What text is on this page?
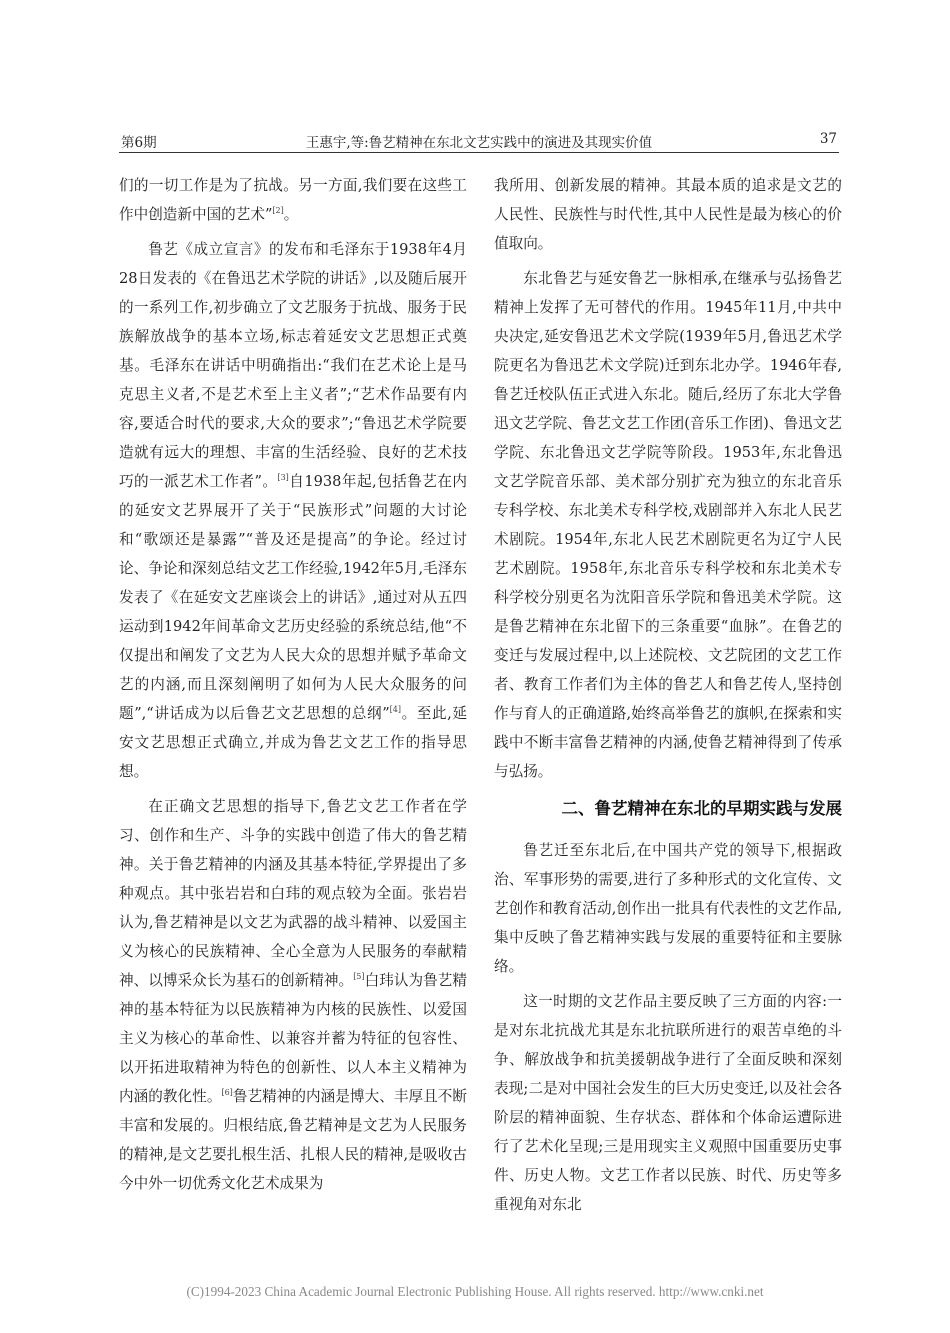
第6期	王惠宇,等:鲁艺精神在东北文艺实践中的演进及其现实价值	37

们的一切工作是为了抗战。另一方面,我们要在这些工作中创造新中国的艺术”[2]。

鲁艺《成立宣言》的发布和毛泽东于1938年4月28日发表的《在鲁迅艺术学院的讲话》,以及随后展开的一系列工作,初步确立了文艺服务于抗战、服务于民族解放战争的基本立场,标志着延安文艺思想正式奠基。毛泽东在讲话中明确指出:“我们在艺术论上是马克思主义者,不是艺术至上主义者”;“艺术作品要有内容,要适合时代的要求,大众的要求”;“鲁迅艺术学院要造就有远大的理想、丰富的生活经验、良好的艺术技巧的一派艺术工作者”。[3]自1938年起,包括鲁艺在内的延安文艺界展开了关于“民族形式”问题的大讨论和“歌颂还是暴露”“普及还是提高”的争论。经过讨论、争论和深刻总结文艺工作经验,1942年5月,毛泽东发表了《在延安文艺座谈会上的讲话》,通过对从五四运动到1942年间革命文艺历史经验的系统总结,他“不仅提出和阐发了文艺为人民大众的思想并赋予革命文艺的内涵,而且深刻阐明了如何为人民大众服务的问题”,“讲话成为以后鲁艺文艺思想的总纲”[4]。至此,延安文艺思想正式确立,并成为鲁艺文艺工作的指导思想。

在正确文艺思想的指导下,鲁艺文艺工作者在学习、创作和生产、斗争的实践中创造了伟大的鲁艺精神。关于鲁艺精神的内涵及其基本特征,学界提出了多种观点。其中张岩岩和白玮的观点较为全面。张岩岩认为,鲁艺精神是以文艺为武器的战斗精神、以爱国主义为核心的民族精神、全心全意为人民服务的奉献精神、以博采众长为基石的创新精神。[5]白玮认为鲁艺精神的基本特征为以民族精神为内核的民族性、以爱国主义为核心的革命性、以兼容并蓄为特征的包容性、以开拓进取精神为特色的创新性、以人本主义精神为内涵的教化性。[6]鲁艺精神的内涵是博大、丰厚且不断丰富和发展的。归根结底,鲁艺精神是文艺为人民服务的精神,是文艺要扎根生活、扎根人民的精神,是吸收古今中外一切优秀文化艺术成果为

我所用、创新发展的精神。其最本质的追求是文艺的人民性、民族性与时代性,其中人民性是最为核心的价值取向。

东北鲁艺与延安鲁艺一脉相承,在继承与弘扬鲁艺精神上发挥了无可替代的作用。1945年11月,中共中央决定,延安鲁迅艺术文学院(1939年5月,鲁迅艺术学院更名为鲁迅艺术文学院)迁到东北办学。1946年春,鲁艺迁校队伍正式进入东北。随后,经历了东北大学鲁迅文艺学院、鲁艺文艺工作团(音乐工作团)、鲁迅文艺学院、东北鲁迅文艺学院等阶段。1953年,东北鲁迅文艺学院音乐部、美术部分别扩充为独立的东北音乐专科学校、东北美术专科学校,戏剧部并入东北人民艺术剧院。1954年,东北人民艺术剧院更名为辽宁人民艺术剧院。1958年,东北音乐专科学校和东北美术专科学校分别更名为沈阳音乐学院和鲁迅美术学院。这是鲁艺精神在东北留下的三条重要“血脉”。在鲁艺的变迁与发展过程中,以上述院校、文艺院团的文艺工作者、教育工作者们为主体的鲁艺人和鲁艺传人,坚持创作与育人的正确道路,始终高举鲁艺的旗帜,在探索和实践中不断丰富鲁艺精神的内涵,使鲁艺精神得到了传承与弘扬。

二、鲁艺精神在东北的早期实践与发展

鲁艺迁至东北后,在中国共产党的领导下,根据政治、军事形势的需要,进行了多种形式的文化宣传、文艺创作和教育活动,创作出一批具有代表性的文艺作品,集中反映了鲁艺精神实践与发展的重要特征和主要脉络。

这一时期的文艺作品主要反映了三方面的内容:一是对东北抗战尤其是东北抗联所进行的艰苦卓绝的斗争、解放战争和抗美援朝战争进行了全面反映和深刻表现;二是对中国社会发生的巨大历史变迁,以及社会各阶层的精神面貌、生存状态、群体和个体命运遭际进行了艺术化呈现;三是用现实主义观照中国重要历史事件、历史人物。文艺工作者以民族、时代、历史等多重视角对东北

(C)1994-2023 China Academic Journal Electronic Publishing House. All rights reserved. http://www.cnki.net
